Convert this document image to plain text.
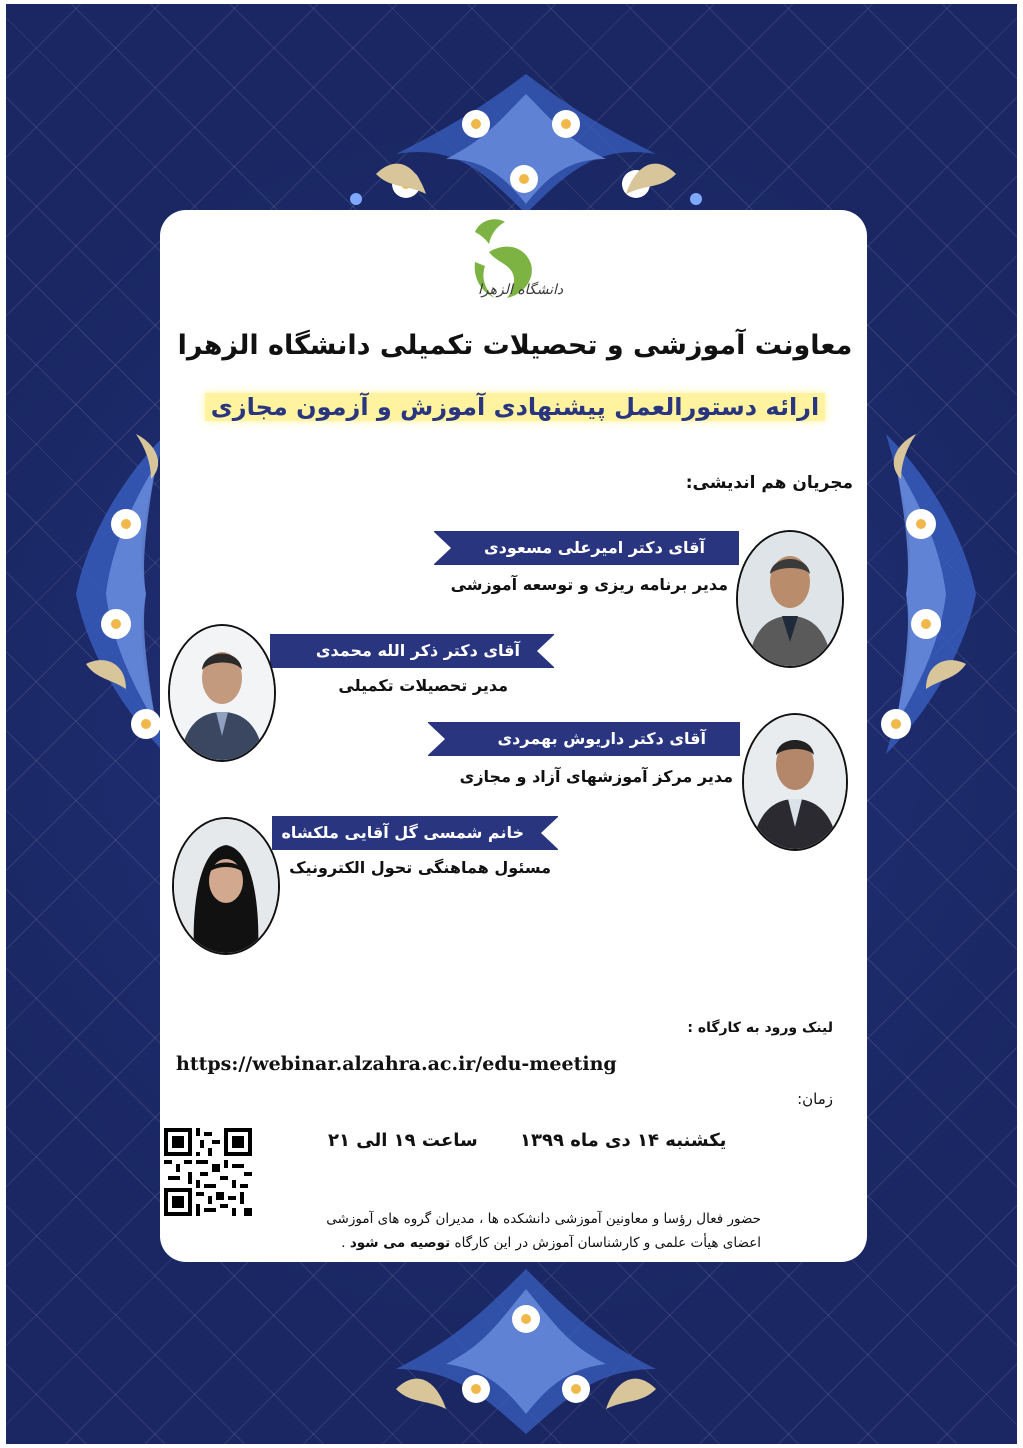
دانشگاه الزهرا
معاونت آموزشی و تحصیلات تکمیلی دانشگاه الزهرا
ارائه دستورالعمل پیشنهادی آموزش و آزمون مجازی
مجریان هم اندیشی:
آقای دکتر امیرعلی مسعودی
مدیر برنامه ریزی و توسعه آموزشی
آقای دکتر ذکر الله محمدی
مدیر تحصیلات تکمیلی
آقای دکتر داریوش بهمردی
مدیر مرکز آموزشهای آزاد و مجازی
خانم شمسی گل آقایی ملکشاه
مسئول هماهنگی تحول الکترونیک
لینک ورود به کارگاه :
https://webinar.alzahra.ac.ir/edu-meeting
زمان:
یکشنبه ۱۴ دی ماه ۱۳۹۹
ساعت ۱۹ الی ۲۱
حضور فعال رؤسا و معاونین آموزشی دانشکده ها ، مدیران گروه های آموزشی
اعضای هیأت علمی و کارشناسان آموزش در این کارگاه توصیه می شود .
